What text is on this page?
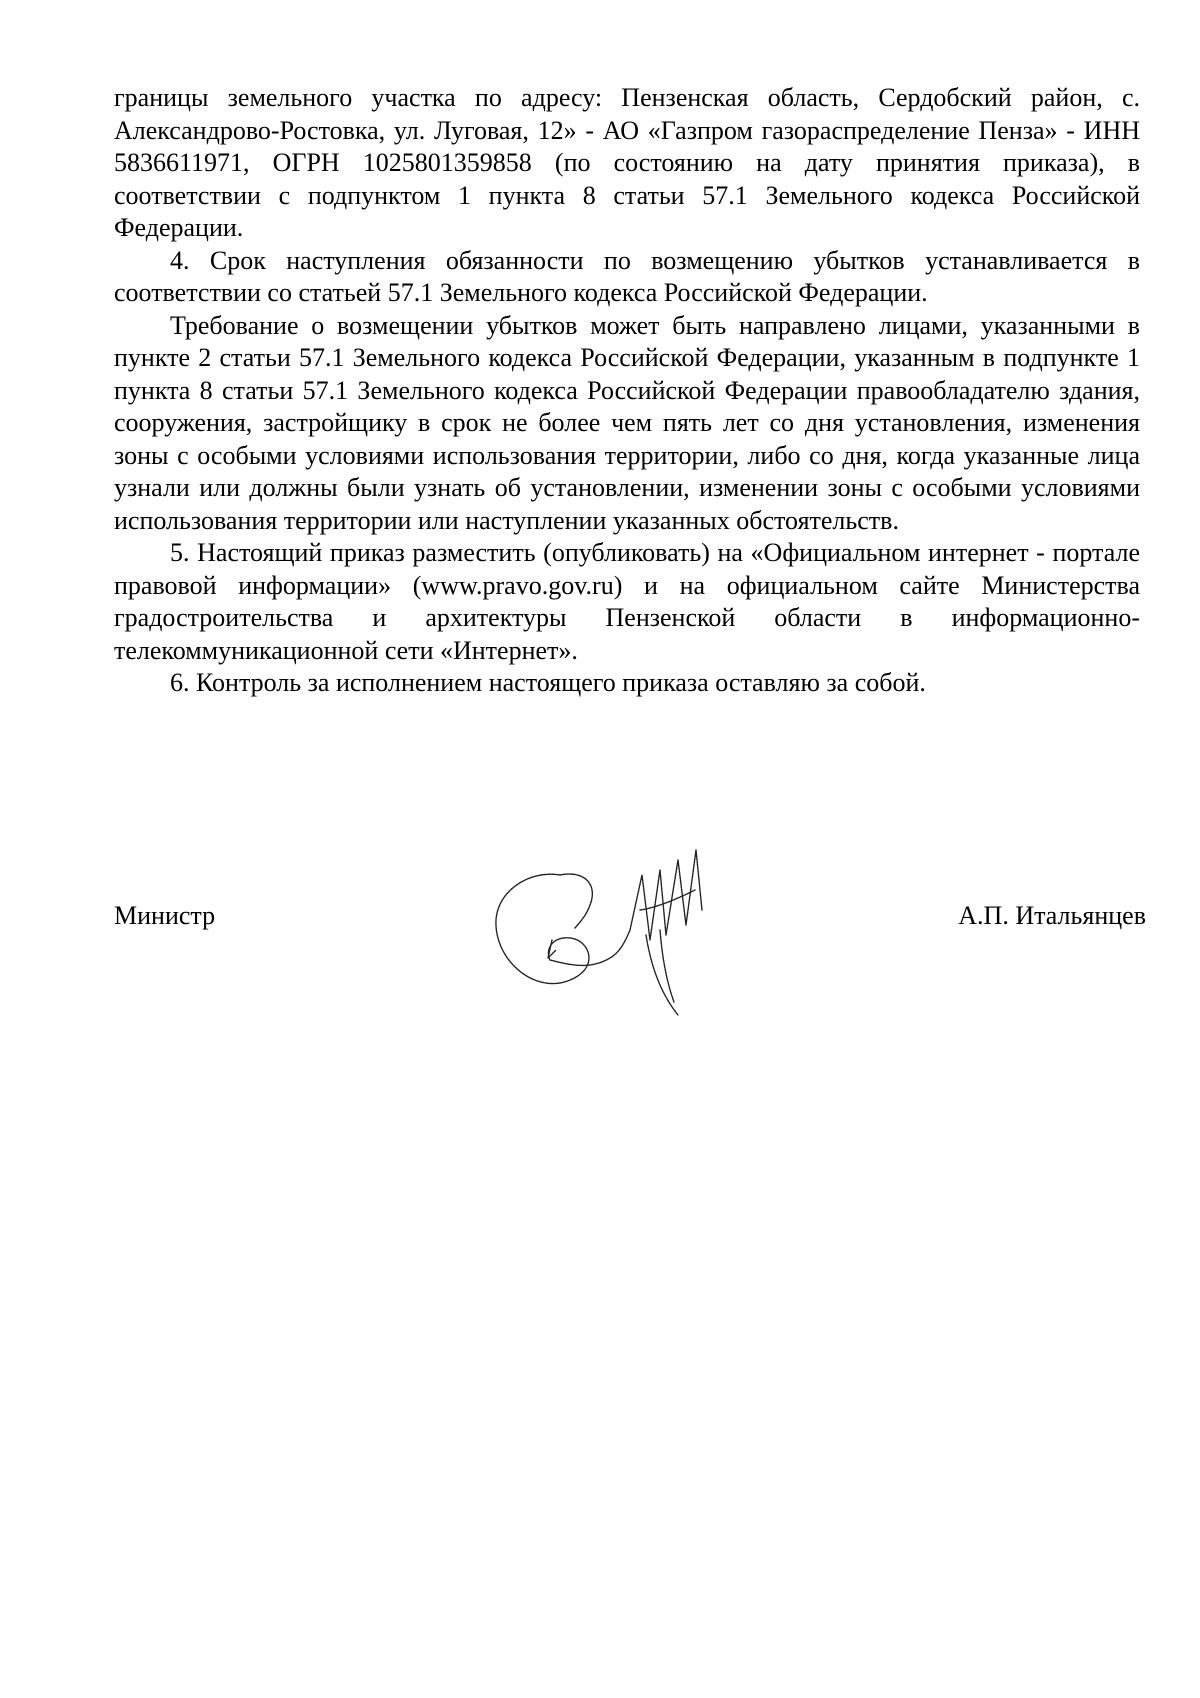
границы земельного участка по адресу: Пензенская область, Сердобский район, с. Александрово-Ростовка, ул. Луговая, 12» - АО «Газпром газораспределение Пенза» - ИНН 5836611971, ОГРН 1025801359858 (по состоянию на дату принятия приказа), в соответствии с подпунктом 1 пункта 8 статьи 57.1 Земельного кодекса Российской Федерации.

4. Срок наступления обязанности по возмещению убытков устанавливается в соответствии со статьей 57.1 Земельного кодекса Российской Федерации.

Требование о возмещении убытков может быть направлено лицами, указанными в пункте 2 статьи 57.1 Земельного кодекса Российской Федерации, указанным в подпункте 1 пункта 8 статьи 57.1 Земельного кодекса Российской Федерации правообладателю здания, сооружения, застройщику в срок не более чем пять лет со дня установления, изменения зоны с особыми условиями использования территории, либо со дня, когда указанные лица узнали или должны были узнать об установлении, изменении зоны с особыми условиями использования территории или наступлении указанных обстоятельств.

5. Настоящий приказ разместить (опубликовать) на «Официальном интернет - портале правовой информации» (www.pravo.gov.ru) и на официальном сайте Министерства градостроительства и архитектуры Пензенской области в информационно-телекоммуникационной сети «Интернет».

6. Контроль за исполнением настоящего приказа оставляю за собой.

Министр	А.П. Итальянцев
